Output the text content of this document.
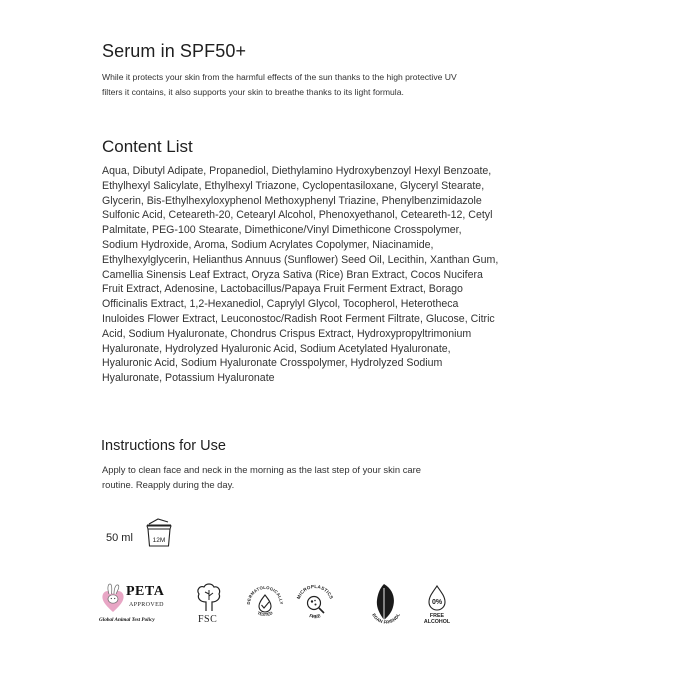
Serum in SPF50+
While it protects your skin from the harmful effects of the sun thanks to the high protective UV filters it contains, it also supports your skin to breathe thanks to its light formula.
Content List
Aqua, Dibutyl Adipate, Propanediol, Diethylamino Hydroxybenzoyl Hexyl Benzoate, Ethylhexyl Salicylate, Ethylhexyl Triazone, Cyclopentasiloxane, Glyceryl Stearate, Glycerin, Bis-Ethylhexyloxyphenol Methoxyphenyl Triazine, Phenylbenzimidazole Sulfonic Acid, Ceteareth-20, Cetearyl Alcohol, Phenoxyethanol, Ceteareth-12, Cetyl Palmitate, PEG-100 Stearate, Dimethicone/Vinyl Dimethicone Crosspolymer, Sodium Hydroxide, Aroma, Sodium Acrylates Copolymer, Niacinamide, Ethylhexylglycerin, Helianthus Annuus (Sunflower) Seed Oil, Lecithin, Xanthan Gum, Camellia Sinensis Leaf Extract, Oryza Sativa (Rice) Bran Extract, Cocos Nucifera Fruit Extract, Adenosine, Lactobacillus/Papaya Fruit Ferment Extract, Borago Officinalis Extract, 1,2-Hexanediol, Caprylyl Glycol, Tocopherol, Heterotheca Inuloides Flower Extract, Leuconostoc/Radish Root Ferment Filtrate, Glucose, Citric Acid, Sodium Hyaluronate, Chondrus Crispus Extract, Hydroxypropyltrimonium Hyaluronate, Hydrolyzed Hyaluronic Acid, Sodium Acetylated Hyaluronate, Hyaluronic Acid, Sodium Hyaluronate Crosspolymer, Hydrolyzed Sodium Hyaluronate, Potassium Hyaluronate
Instructions for Use
Apply to clean face and neck in the morning as the last step of your skin care routine. Reapply during the day.
50 ml	12M
PETA
APPROVED
Global Animal Test Policy	FSC
DERMATOLOGICALLY
TESTED
MICROPLASTICS
FREE	EGAN FRIENDL
0%
FREE
ALCOHOL
